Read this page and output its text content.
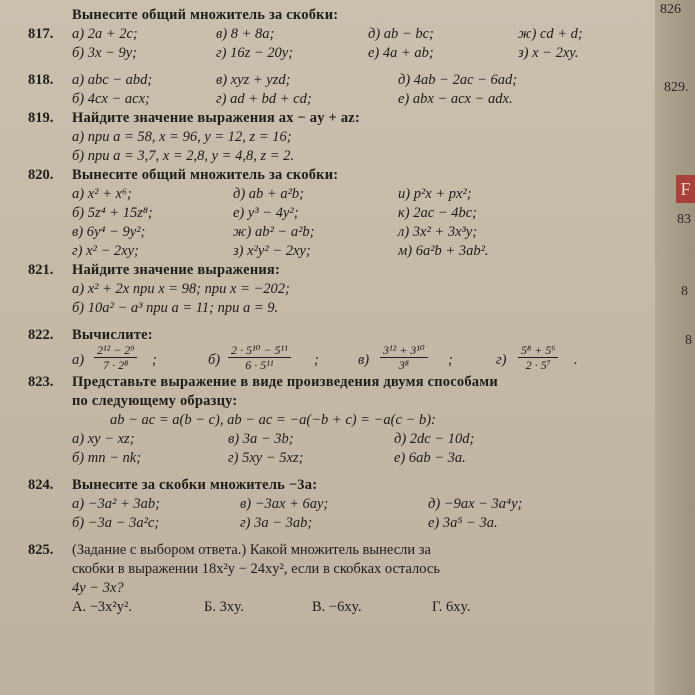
826
829.
F
83
8
8
Вынесите общий множитель за скобки:
817. а) 2a + 2c;	в) 8 + 8a;	д) ab − bc;	ж) cd + d;
б) 3x − 9y;	г) 16z − 20y;	е) 4a + ab;	з) x − 2xy.
818. а) abc − abd;	в) xyz + yzd;	д) 4ab − 2ac − 6ad;
б) 4cx − acx;	г) ad + bd + cd;	е) abx − acx − adx.
819. Найдите значение выражения ax − ay + az:
а) при a = 58, x = 96, y = 12, z = 16;
б) при a = 3,7, x = 2,8, y = 4,8, z = 2.
820. Вынесите общий множитель за скобки:
а) x² + x⁶;	д) ab + a²b;	и) p²x + px²;
б) 5z⁴ + 15z⁸;	е) y³ − 4y²;	к) 2ac − 4bc;
в) 6y⁴ − 9y²;	ж) ab² − a²b;	л) 3x² + 3x³y;
г) x² − 2xy;	з) x²y² − 2xy;	м) 6a²b + 3ab².
821. Найдите значение выражения:
а) x² + 2x при x = 98; при x = −202;
б) 10a² − a³ при a = 11; при a = 9.
822. Вычислите:
$а) \frac{\text{2¹² − 2⁹}}{\text{7 · 2⁸}}$ ;	$б) \frac{\text{2 · 5¹⁰ − 5¹¹}}{\text{6 · 5¹¹}}$ ;	$в) \frac{\text{3¹² + 3¹⁰}}{\text{3⁸}}$ ;	$г) \frac{\text{5⁸ + 5⁶}}{\text{2 · 5⁷}}$ .
823. Представьте выражение в виде произведения двумя способами
по следующему образцу:
ab − ac = a(b − c), ab − ac = −a(−b + c) = −a(c − b):
а) xy − xz;	в) 3a − 3b;	д) 2dc − 10d;
б) mn − nk;	г) 5xy − 5xz;	е) 6ab − 3a.
824. Вынесите за скобки множитель −3a:
а) −3a² + 3ab;	в) −3ax + 6ay;	д) −9ax − 3a⁴y;
б) −3a − 3a²c;	г) 3a − 3ab;	е) 3a⁵ − 3a.
825. (Задание с выбором ответа.) Какой множитель вынесли за
скобки в выражении 18x²y − 24xy², если в скобках осталось
4y − 3x?
А. −3x²y².	Б. 3xy.	В. −6xy.	Г. 6xy.
